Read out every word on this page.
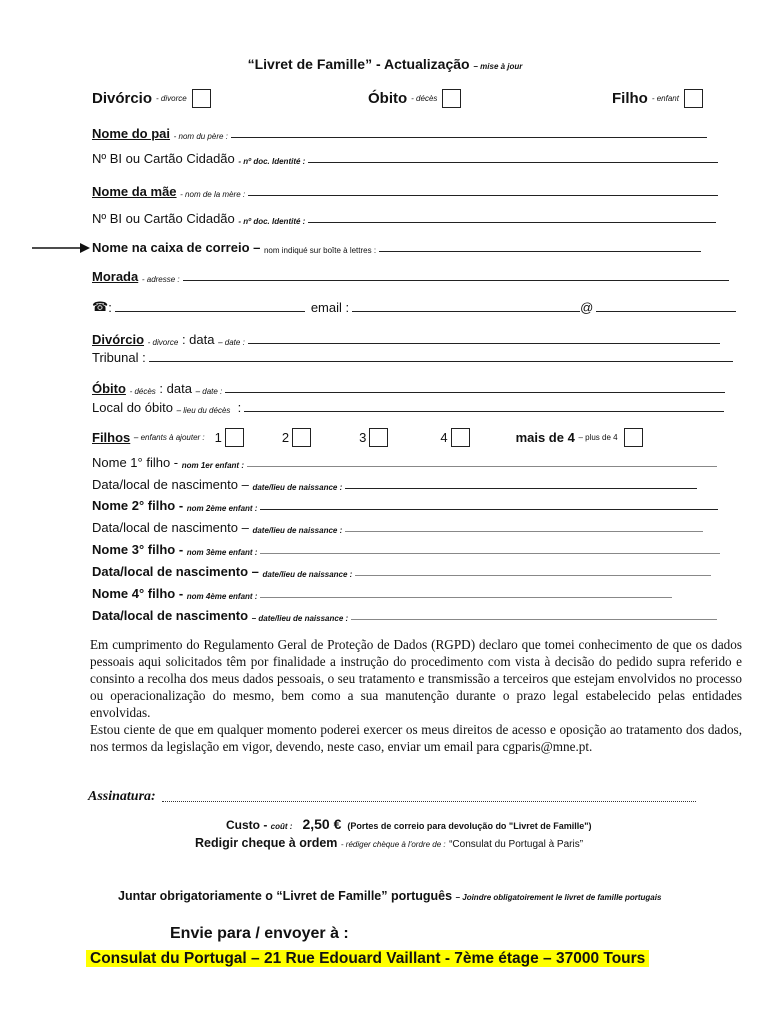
“Livret de Famille” - Actualização – mise à jour
Divórcio - divorce	Óbito - décès	Filho - enfant
Nome do pai
- nom du père :
Nº BI ou Cartão Cidadão
- nº doc. Identité :
Nome da mãe
- nom de la mère :
Nº BI ou Cartão Cidadão
- nº doc. Identité :
Nome na caixa de correio –
nom indiqué sur boîte à lettres :
Morada
- adresse :
☎ :	email :	@
Divórcio
- divorce
: data
– date :
Tribunal :
Óbito
- décès
: data
– date :
Local do óbito
– lieu du décès
:
Filhos
– enfants à ajouter : 1	2	3	4	mais de 4
– plus de 4
Nome 1° filho -
nom 1er enfant :
Data/local de nascimento –
date/lieu de naissance :
Nome 2° filho -
nom 2ème enfant :
Data/local de nascimento –
date/lieu de naissance :
Nome 3° filho -
nom 3ème enfant :
Data/local de nascimento –
date/lieu de naissance :
Nome 4° filho -
nom 4ème enfant :
Data/local de nascimento
– date/lieu de naissance :

Em cumprimento do Regulamento Geral de Proteção de Dados (RGPD) declaro que tomei conhecimento de que os dados pessoais aqui solicitados têm por finalidade a instrução do procedimento com vista à decisão do pedido supra referido e consinto a recolha dos meus dados pessoais, o seu tratamento e transmissão a terceiros que estejam envolvidos no processo ou operacionalização do mesmo, bem como a sua manutenção durante o prazo legal estabelecido pelas entidades envolvidas.

Estou ciente de que em qualquer momento poderei exercer os meus direitos de acesso e oposição ao tratamento dos dados, nos termos da legislação em vigor, devendo, neste caso, enviar um email para cgparis@mne.pt.

Assinatura:
Custo -
coût : 2,50 € (Portes de correio para devolução do "Livret de Famille")
Redigir cheque à ordem
- rédiger chèque à l'ordre de :
“Consulat du Portugal à Paris”
Juntar obrigatoriamente o “Livret de Famille” português
– Joindre obligatoirement le livret de famille portugais
Envie para / envoyer à :
Consulat du Portugal – 21 Rue Edouard Vaillant - 7ème étage – 37000 Tours
